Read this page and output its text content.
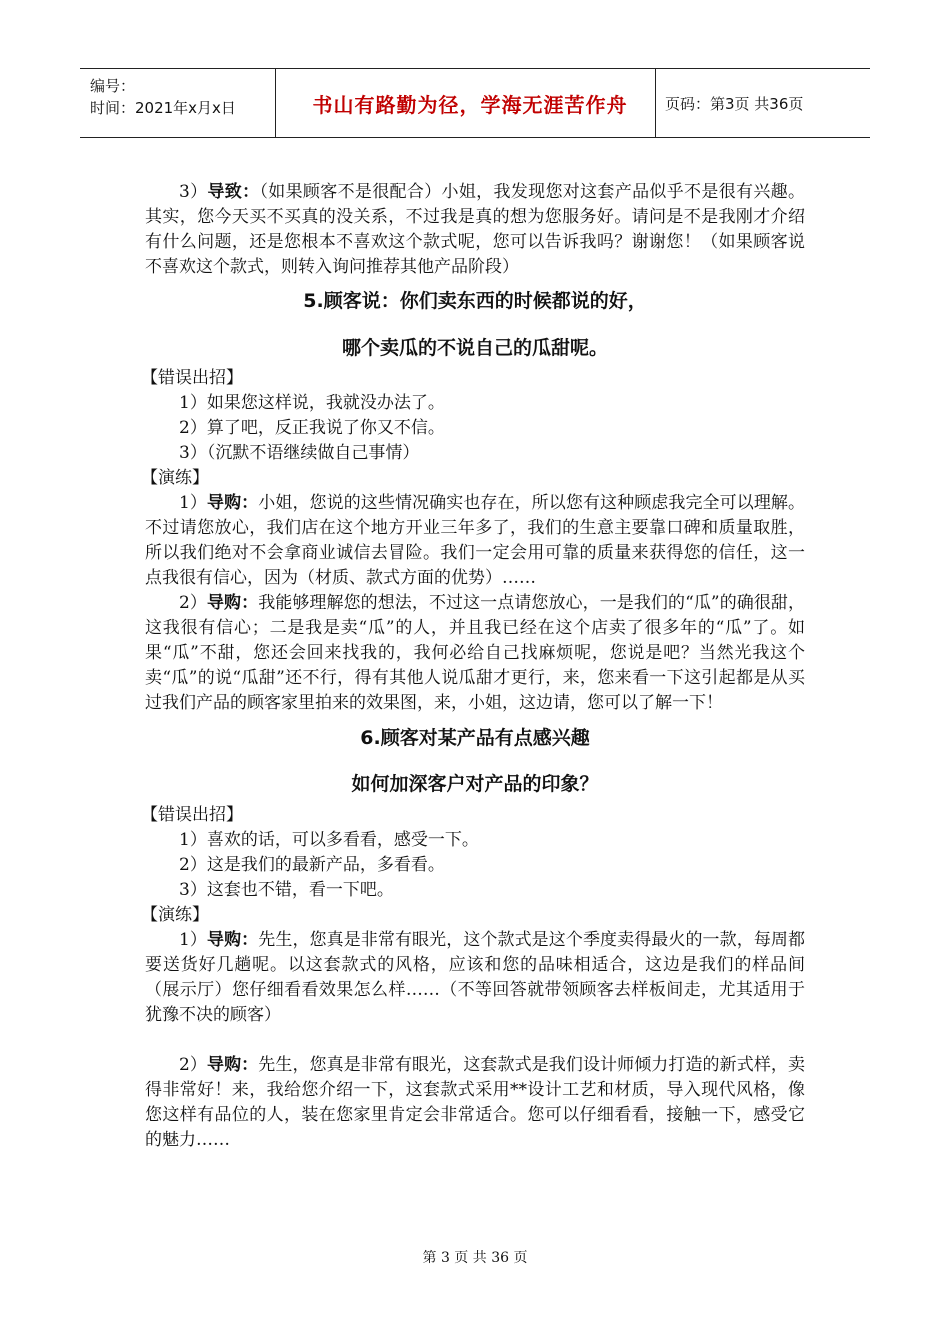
编号：
时间：2021年x月x日	书山有路勤为径，学海无涯苦作舟	页码：第3页 共36页

3）导致：（如果顾客不是很配合）小姐，我发现您对这套产品似乎不是很有兴趣。其实，您今天买不买真的没关系，不过我是真的想为您服务好。请问是不是我刚才介绍有什么问题，还是您根本不喜欢这个款式呢，您可以告诉我吗？谢谢您！（如果顾客说不喜欢这个款式，则转入询问推荐其他产品阶段）

5.顾客说：你们卖东西的时候都说的好，
哪个卖瓜的不说自己的瓜甜呢。

【错误出招】

1）如果您这样说，我就没办法了。

2）算了吧，反正我说了你又不信。

3）（沉默不语继续做自己事情）

【演练】

1）导购：小姐，您说的这些情况确实也存在，所以您有这种顾虑我完全可以理解。不过请您放心，我们店在这个地方开业三年多了，我们的生意主要靠口碑和质量取胜，所以我们绝对不会拿商业诚信去冒险。我们一定会用可靠的质量来获得您的信任，这一点我很有信心，因为（材质、款式方面的优势）……

2）导购：我能够理解您的想法，不过这一点请您放心，一是我们的“瓜”的确很甜，这我很有信心；二是我是卖“瓜”的人，并且我已经在这个店卖了很多年的“瓜”了。如果“瓜”不甜，您还会回来找我的，我何必给自己找麻烦呢，您说是吧？当然光我这个卖“瓜”的说“瓜甜”还不行，得有其他人说瓜甜才更行，来，您来看一下这引起都是从买过我们产品的顾客家里拍来的效果图，来，小姐，这边请，您可以了解一下！

6.顾客对某产品有点感兴趣
如何加深客户对产品的印象？

【错误出招】

1）喜欢的话，可以多看看，感受一下。

2）这是我们的最新产品，多看看。

3）这套也不错，看一下吧。

【演练】

1）导购：先生，您真是非常有眼光，这个款式是这个季度卖得最火的一款，每周都要送货好几趟呢。以这套款式的风格，应该和您的品味相适合，这边是我们的样品间（展示厅）您仔细看看效果怎么样……（不等回答就带领顾客去样板间走，尤其适用于犹豫不决的顾客）

2）导购：先生，您真是非常有眼光，这套款式是我们设计师倾力打造的新式样，卖得非常好！来，我给您介绍一下，这套款式采用**设计工艺和材质，导入现代风格，像您这样有品位的人，装在您家里肯定会非常适合。您可以仔细看看，接触一下，感受它的魅力……

第 3 页 共 36 页
